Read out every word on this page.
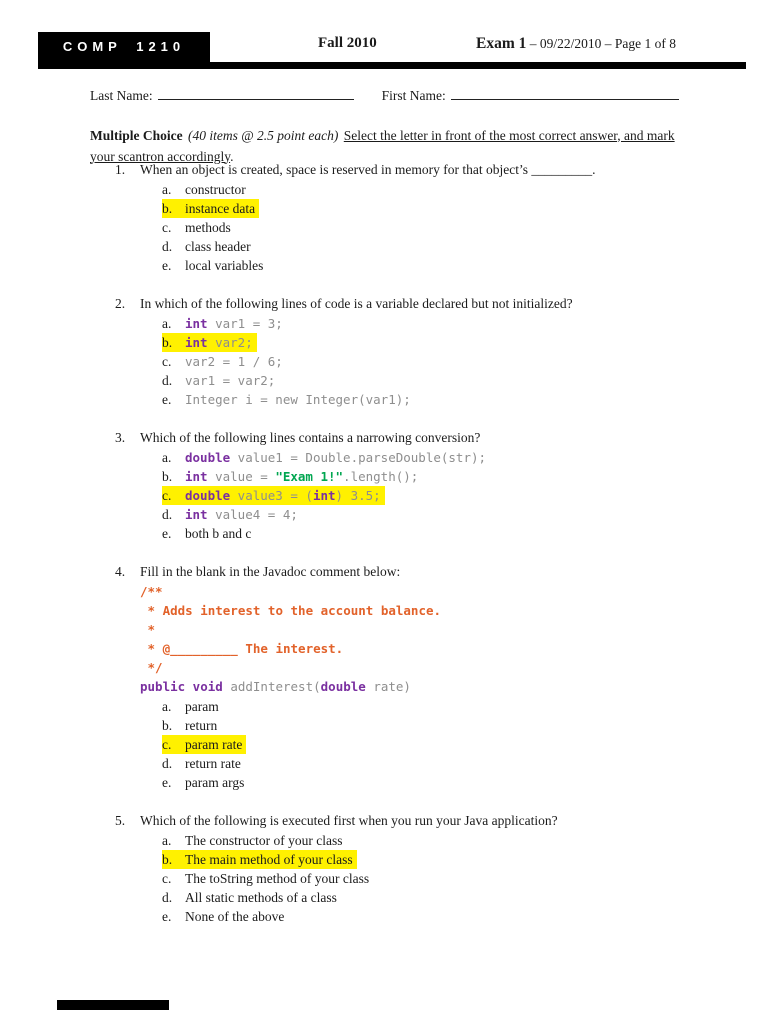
COMP 1210	Fall 2010	Exam 1 – 09/22/2010 – Page 1 of 8
Last Name:	First Name:

Multiple Choice (40 items @ 2.5 point each) Select the letter in front of the most correct answer, and mark your scantron accordingly.

1.	When an object is created, space is reserved in memory for that object’s _________.
a.	constructor
b. instance data
c.	methods
d. class header
e.	local variables
2.	In which of the following lines of code is a variable declared but not initialized?
a.	int var1 = 3;
b.	int var2;
c.	var2 = 1 / 6;
d.	var1 = var2;
e.	Integer i = new Integer(var1);
3.	Which of the following lines contains a narrowing conversion?
a.	double value1 = Double.parseDouble(str);
b.	int value = "Exam 1!".length();
c.	double value3 = (int) 3.5;
d.	int value4 = 4;
e.	both b and c
4.	Fill in the blank in the Javadoc comment below:
/**
* Adds interest to the account balance.
*
* @_________ The interest.
*/
public void addInterest(double rate)
a.	param
b. return
c.	param rate
d. return rate
e.	param args
5.	Which of the following is executed first when you run your Java application?
a.	The constructor of your class
b. The main method of your class
c.	The toString method of your class
d. All static methods of a class
e.	None of the above
